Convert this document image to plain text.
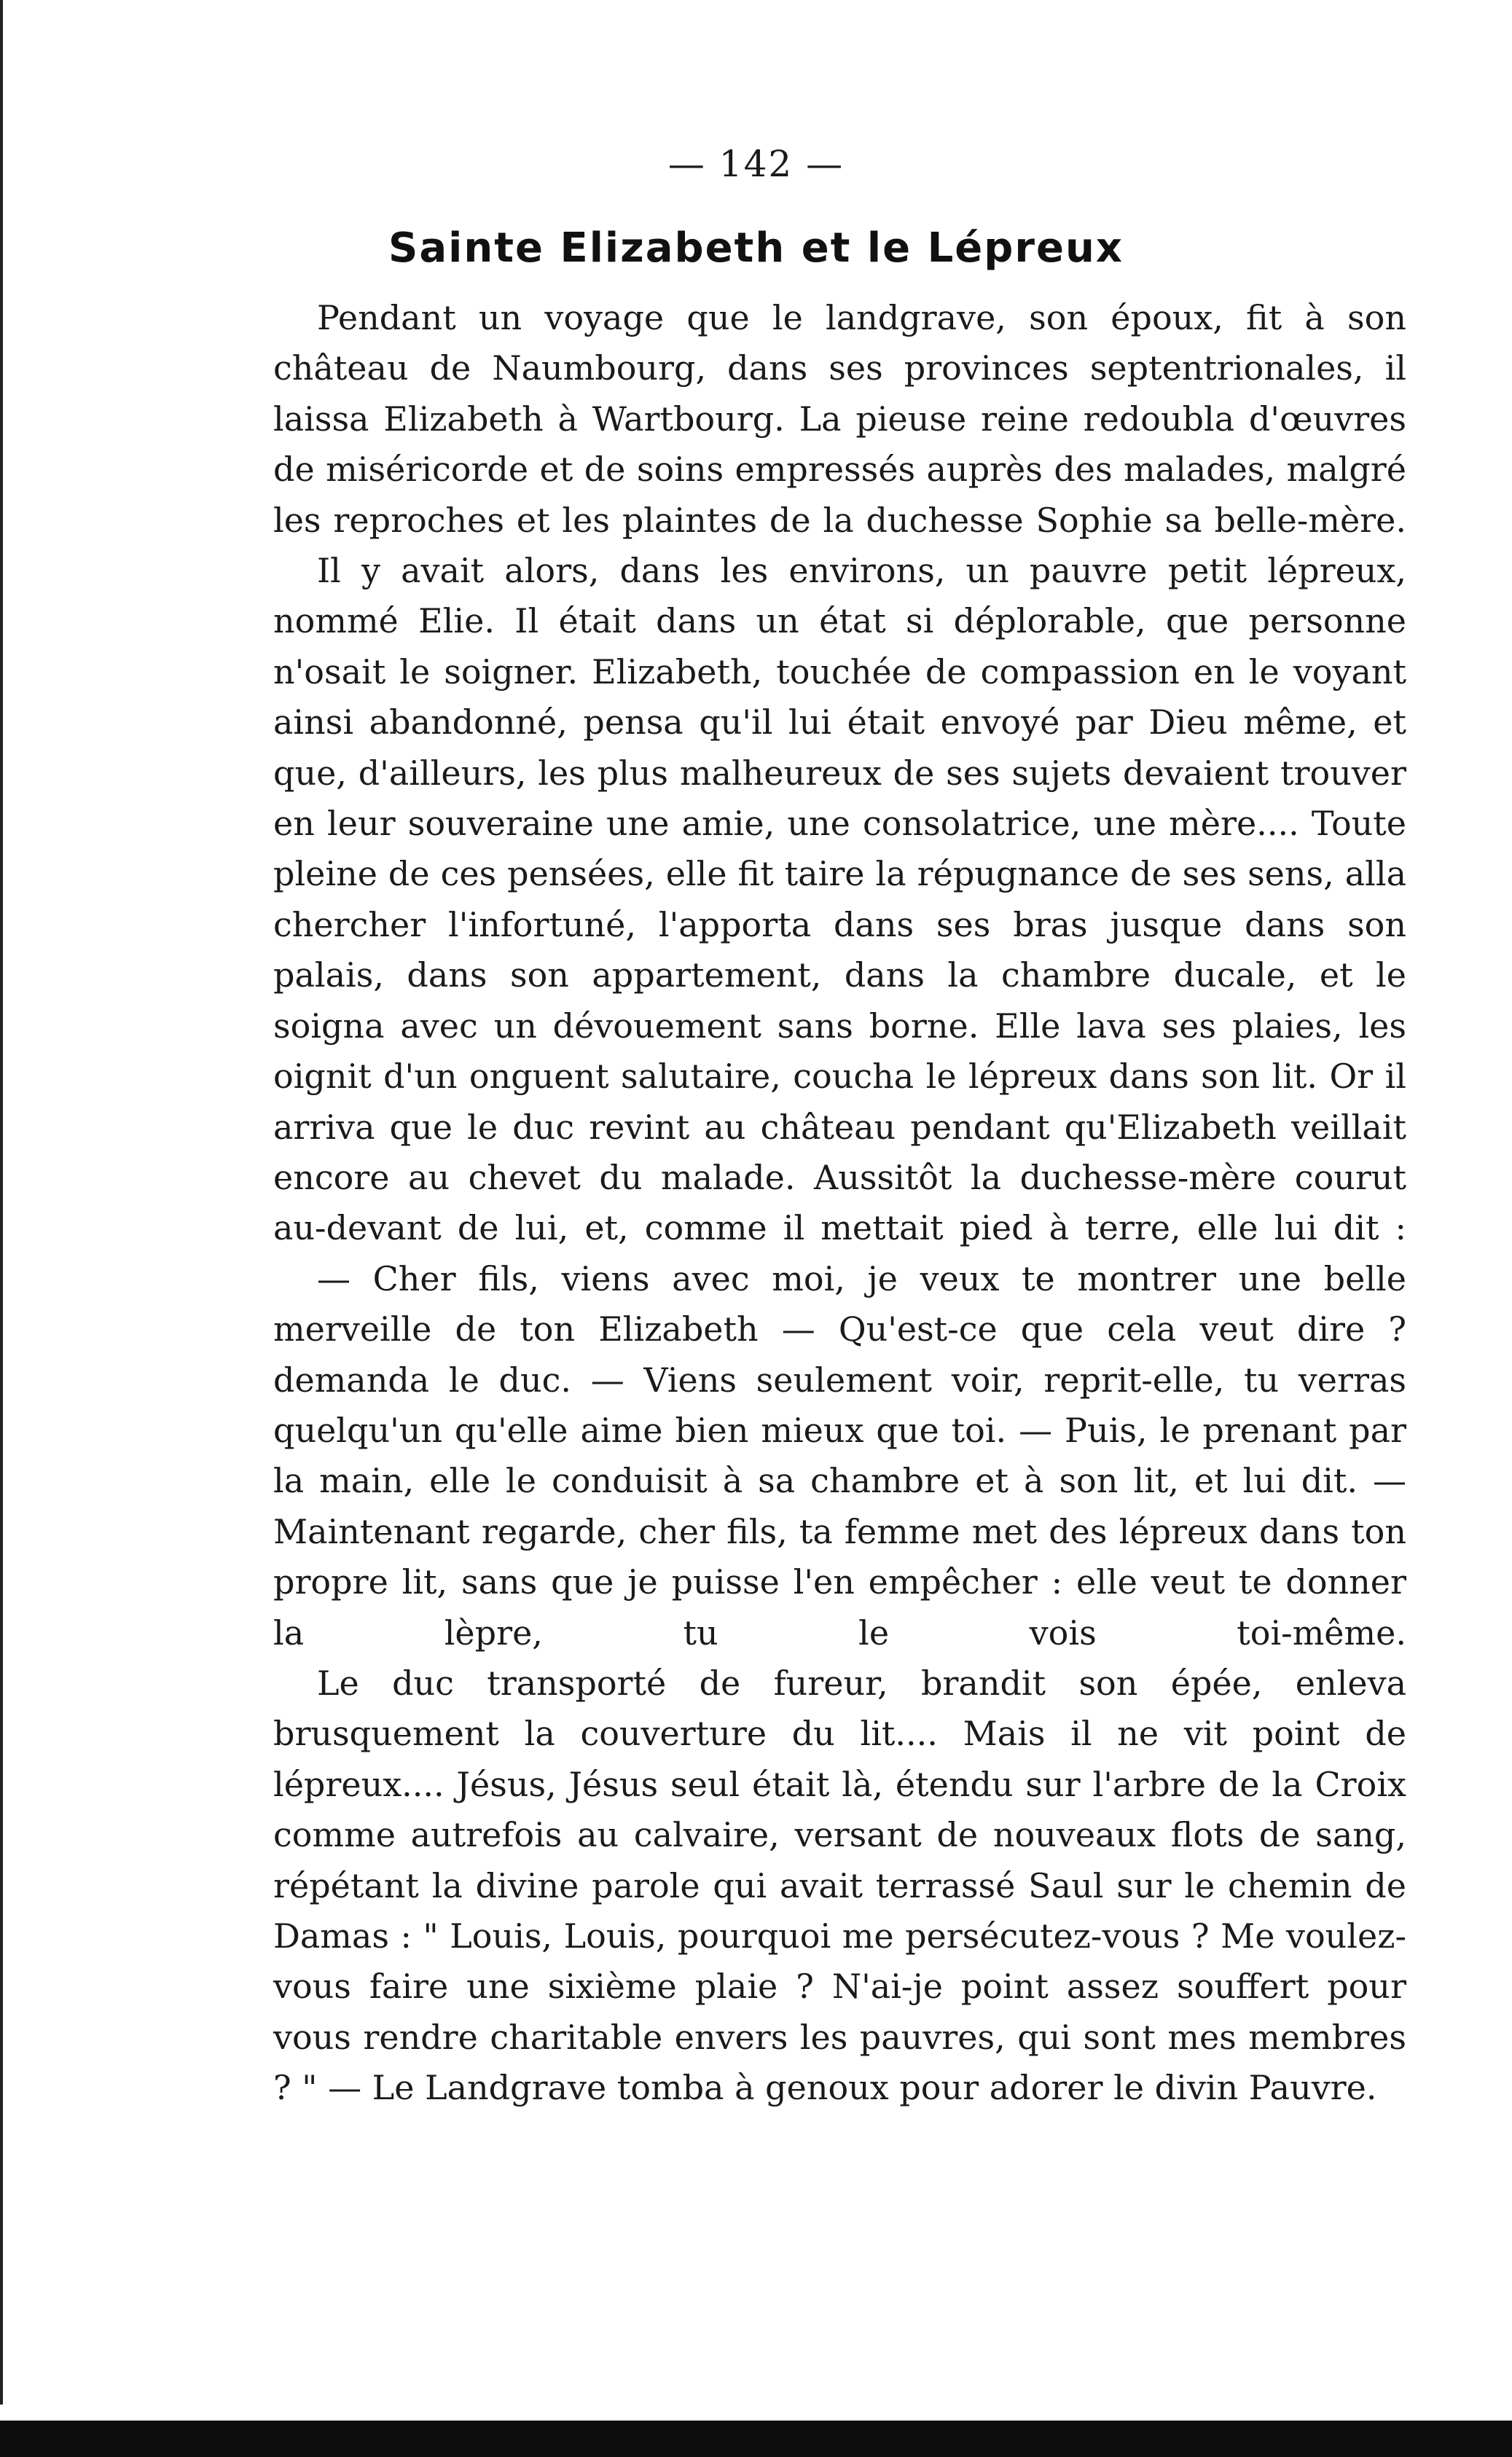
— 142 —
Sainte Elizabeth et le Lépreux

Pendant un voyage que le landgrave, son époux, fit à son château de Naumbourg, dans ses provinces septentrionales, il laissa Elizabeth à Wartbourg. La pieuse reine redoubla d'œuvres de miséricorde et de soins empressés auprès des malades, malgré les reproches et les plaintes de la duchesse Sophie sa belle-mère.

Il y avait alors, dans les environs, un pauvre petit lépreux, nommé Elie. Il était dans un état si déplorable, que personne n'osait le soigner. Elizabeth, touchée de compassion en le voyant ainsi abandonné, pensa qu'il lui était envoyé par Dieu même, et que, d'ailleurs, les plus malheureux de ses sujets devaient trouver en leur souveraine une amie, une consolatrice, une mère.... Toute pleine de ces pensées, elle fit taire la répugnance de ses sens, alla chercher l'infortuné, l'apporta dans ses bras jusque dans son palais, dans son appartement, dans la chambre ducale, et le soigna avec un dévouement sans borne. Elle lava ses plaies, les oignit d'un onguent salutaire, coucha le lépreux dans son lit. Or il arriva que le duc revint au château pendant qu'Elizabeth veillait encore au chevet du malade. Aussitôt la duchesse-mère courut au-devant de lui, et, comme il mettait pied à terre, elle lui dit :

— Cher fils, viens avec moi, je veux te montrer une belle merveille de ton Elizabeth — Qu'est-ce que cela veut dire ? demanda le duc. — Viens seulement voir, reprit-elle, tu verras quelqu'un qu'elle aime bien mieux que toi. — Puis, le prenant par la main, elle le conduisit à sa chambre et à son lit, et lui dit. — Maintenant regarde, cher fils, ta femme met des lépreux dans ton propre lit, sans que je puisse l'en empêcher : elle veut te donner la lèpre, tu le vois toi-même.

Le duc transporté de fureur, brandit son épée, enleva brusquement la couverture du lit.... Mais il ne vit point de lépreux.... Jésus, Jésus seul était là, étendu sur l'arbre de la Croix comme autrefois au calvaire, versant de nouveaux flots de sang, répétant la divine parole qui avait terrassé Saul sur le chemin de Damas : " Louis, Louis, pourquoi me persécutez-vous ? Me voulez-vous faire une sixième plaie ? N'ai-je point assez souffert pour vous rendre charitable envers les pauvres, qui sont mes membres ? " — Le Landgrave tomba à genoux pour adorer le divin Pauvre.
